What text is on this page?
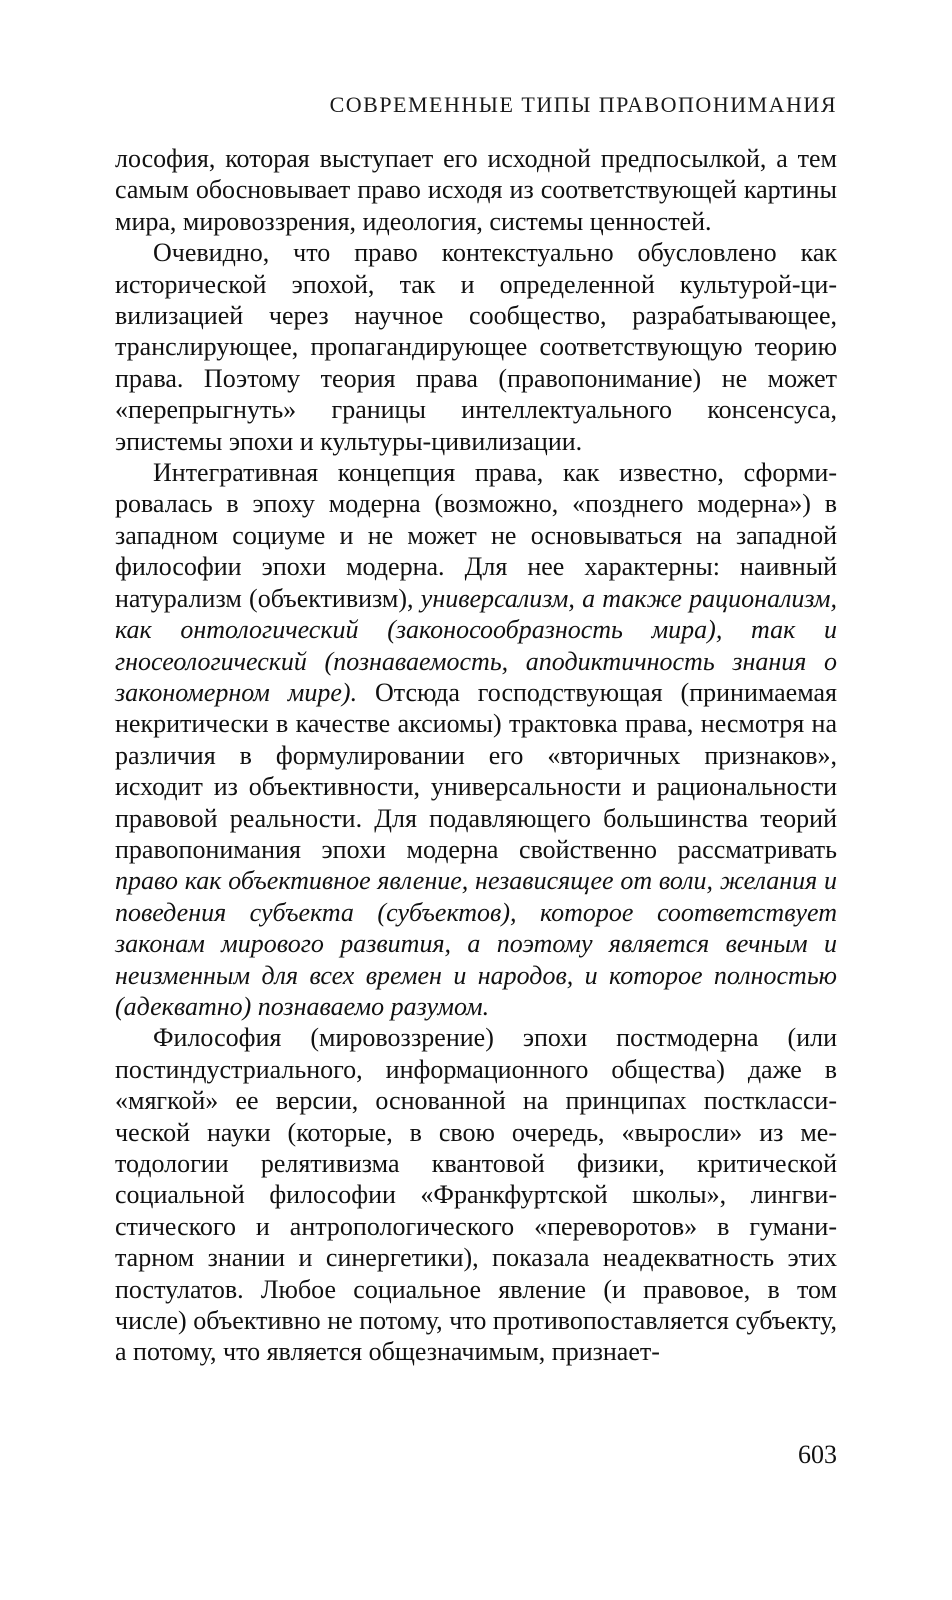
СОВРЕМЕННЫЕ ТИПЫ ПРАВОПОНИМАНИЯ

лософия, которая выступает его исходной предпосылкой, а тем самым обосновывает право исходя из соответствующей картины мира, мировоззрения, идеология, системы ценностей.

Очевидно, что право контекстуально обусловлено как исторической эпохой, так и определенной культурой-цивилизацией через научное сообщество, разрабатывающее, транслирующее, пропагандирующее соответствующую теорию права. Поэтому теория права (правопонимание) не может «перепрыгнуть» границы интеллектуального консенсуса, эпистемы эпохи и культуры-цивилизации.

Интегративная концепция права, как известно, сформировалась в эпоху модерна (возможно, «позднего модерна») в западном социуме и не может не основываться на западной философии эпохи модерна. Для нее характерны: наивный натурализм (объективизм), универсализм, а также рационализм, как онтологический (законосообразность мира), так и гносеологический (познаваемость, аподиктичность знания о закономерном мире). Отсюда господствующая (принимаемая некритически в качестве аксиомы) трактовка права, несмотря на различия в формулировании его «вторичных признаков», исходит из объективности, универсальности и рациональности правовой реальности. Для подавляющего большинства теорий правопонимания эпохи модерна свойственно рассматривать право как объективное явление, независящее от воли, желания и поведения субъекта (субъектов), которое соответствует законам мирового развития, а поэтому является вечным и неизменным для всех времен и народов, и которое полностью (адекватно) познаваемо разумом.

Философия (мировоззрение) эпохи постмодерна (или постиндустриального, информационного общества) даже в «мягкой» ее версии, основанной на принципах постклассической науки (которые, в свою очередь, «выросли» из методологии релятивизма квантовой физики, критической социальной философии «Франкфуртской школы», лингвистического и антропологического «переворотов» в гуманитарном знании и синергетики), показала неадекватность этих постулатов. Любое социальное явление (и правовое, в том числе) объективно не потому, что противопоставляется субъекту, а потому, что является общезначимым, признает-

603
